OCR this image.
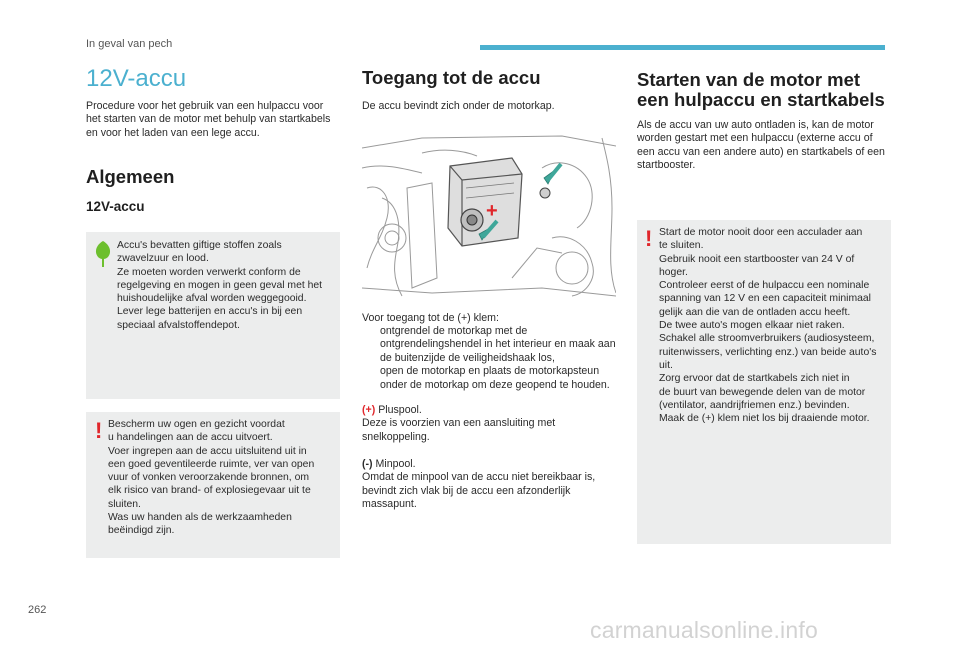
In geval van pech
12V-accu
Procedure voor het gebruik van een hulpaccu voor het starten van de motor met behulp van startkabels en voor het laden van een lege accu.
Algemeen
12V-accu
Accu's bevatten giftige stoffen zoals
zwavelzuur en lood.
Ze moeten worden verwerkt conform de
regelgeving en mogen in geen geval met het
huishoudelijke afval worden weggegooid.
Lever lege batterijen en accu's in bij een
speciaal afvalstoffendepot.
! Bescherm uw ogen en gezicht voordat
u handelingen aan de accu uitvoert.
Voer ingrepen aan de accu uitsluitend uit in
een goed geventileerde ruimte, ver van open
vuur of vonken veroorzakende bronnen, om
elk risico van brand- of explosiegevaar uit te
sluiten.
Was uw handen als de werkzaamheden
beëindigd zijn.
Toegang tot de accu
De accu bevindt zich onder de motorkap.
+
Voor toegang tot de (+) klem:
ontgrendel de motorkap met de ontgrendelingshendel in het interieur en maak aan de buitenzijde de veiligheidshaak los,
open de motorkap en plaats de motorkapsteun onder de motorkap om deze geopend te houden.
(+) Pluspool.
Deze is voorzien van een aansluiting met snelkoppeling.
(-) Minpool.
Omdat de minpool van de accu niet bereikbaar is, bevindt zich vlak bij de accu een afzonderlijk massapunt.
Starten van de motor met een hulpaccu en startkabels
Als de accu van uw auto ontladen is, kan de motor worden gestart met een hulpaccu (externe accu of een accu van een andere auto) en startkabels of een startbooster.
! Start de motor nooit door een acculader aan
te sluiten.
Gebruik nooit een startbooster van 24 V of
hoger.
Controleer eerst of de hulpaccu een nominale
spanning van 12 V en een capaciteit minimaal
gelijk aan die van de ontladen accu heeft.
De twee auto's mogen elkaar niet raken.
Schakel alle stroomverbruikers (audiosysteem,
ruitenwissers, verlichting enz.) van beide auto's
uit.
Zorg ervoor dat de startkabels zich niet in
de buurt van bewegende delen van de motor
(ventilator, aandrijfriemen enz.) bevinden.
Maak de (+) klem niet los bij draaiende motor.
262
carmanualsonline.info
